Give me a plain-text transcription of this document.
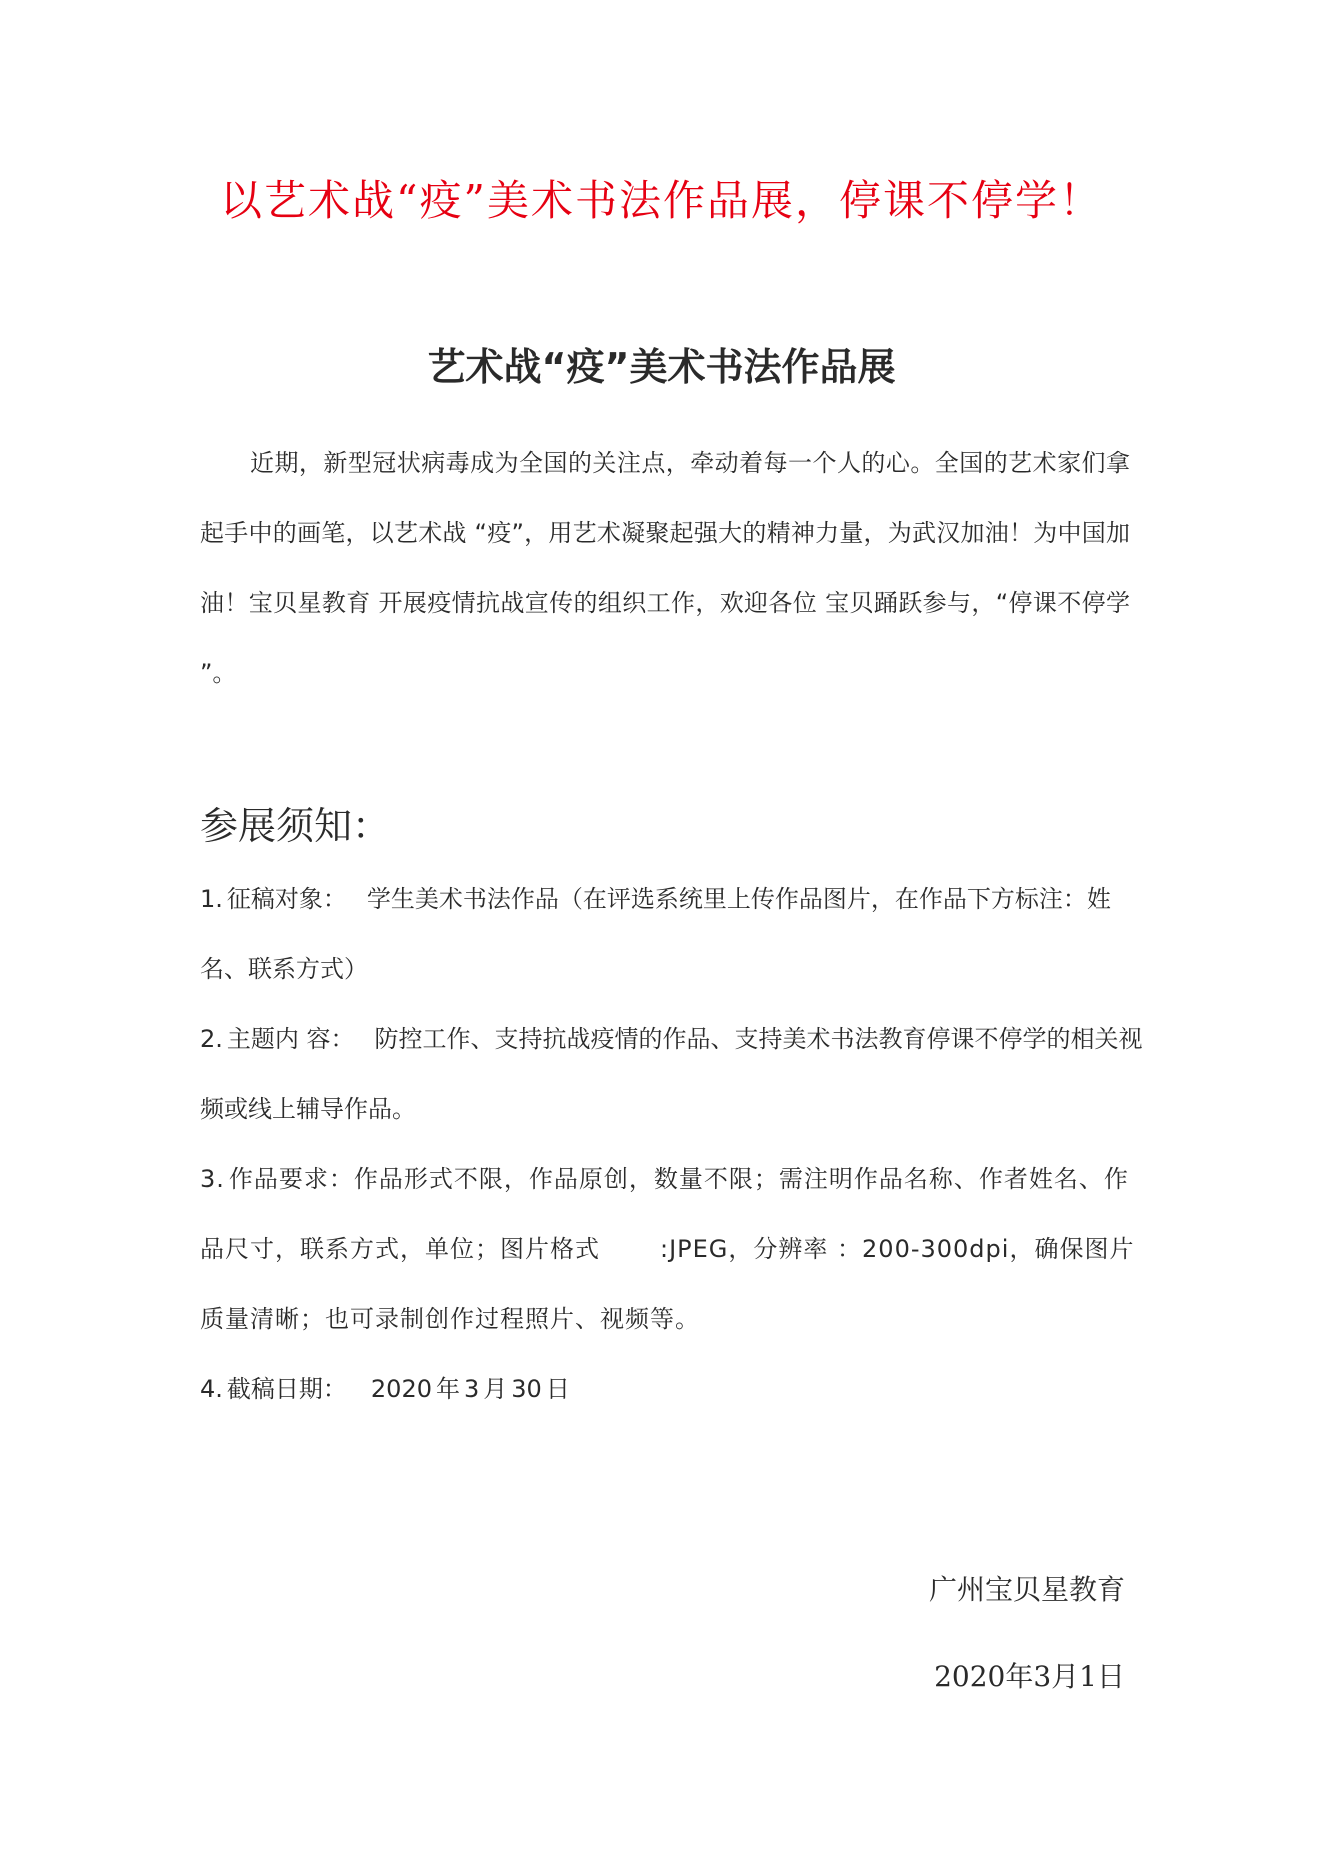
以艺术战“疫”美术书法作品展，停课不停学！
艺术战“疫”美术书法作品展

近期，新型冠状病毒成为全国的关注点，牵动着每一个人的心。全国的艺术家们拿起手中的画笔，以艺术战 “疫”，用艺术凝聚起强大的精神力量，为武汉加油！为中国加油！宝贝星教育 开展疫情抗战宣传的组织工作，欢迎各位 宝贝踊跃参与，“停课不停学 ”。

参展须知：

1. 征稿对象： 学生美术书法作品（在评选系统里上传作品图片，在作品下方标注：姓名、联系方式）

2. 主题内 容： 防控工作、支持抗战疫情的作品、支持美术书法教育停课不停学的相关视频或线上辅导作品。

3. 作品要求：作品形式不限，作品原创，数量不限；需注明作品名称、作者姓名、作品尺寸，联系方式，单位；图片格式	:JPEG，分辨率 ：200-300dpi，确保图片质量清晰；也可录制创作过程照片、视频等。

4. 截稿日期： 2020 年 3 月 30 日

广州宝贝星教育

2020年3月1日
